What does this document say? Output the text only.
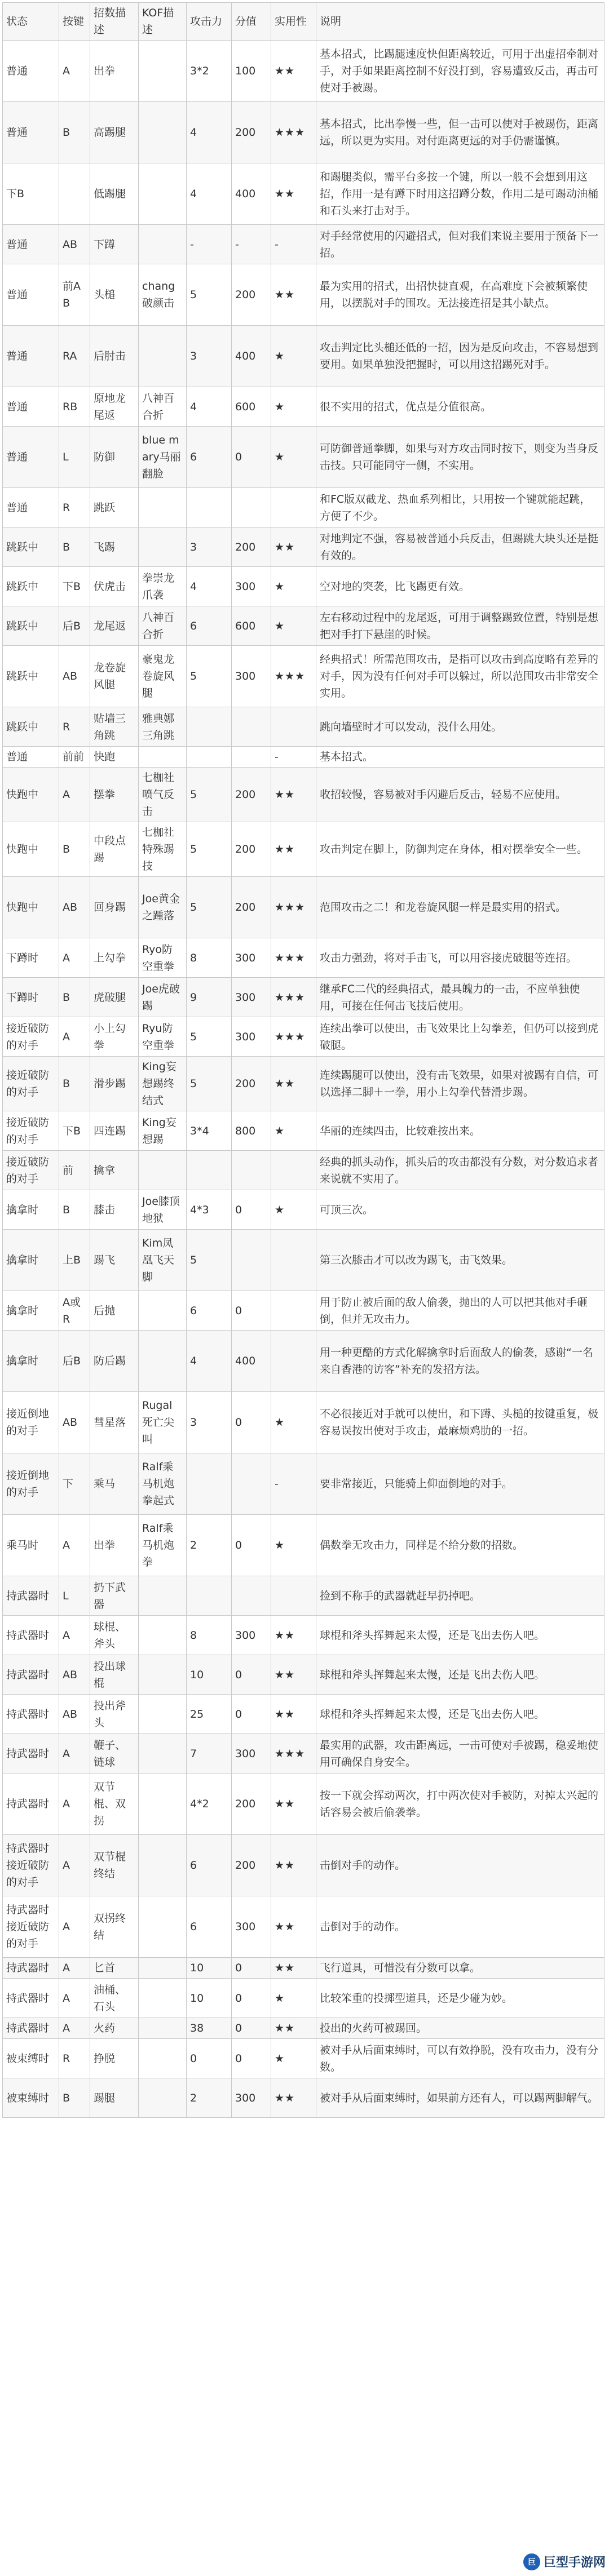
状态	按键	招数描述	KOF描述	攻击力	分值	实用性	说明
普通	A	出拳		3*2	100	★★	基本招式，比踢腿速度快但距离较近，可用于出虚招牵制对手，对手如果距离控制不好没打到，容易遭致反击，再击可使对手被踢。
普通	B	高踢腿		4	200	★★★	基本招式，比出拳慢一些，但一击可以使对手被踢伤，距离远，所以更为实用。对付距离更远的对手仍需谨慎。
下B		低踢腿		4	400	★★	和踢腿类似，需平台多按一个键，所以一般不会想到用这招，作用一是有蹲下时用这招蹲分数，作用二是可踢动油桶和石头来打击对手。
普通	AB	下蹲		-	-	-	对手经常使用的闪避招式，但对我们来说主要用于预备下一招。
普通	前AB	头槌	chang破颜击	5	200	★★	最为实用的招式，出招快捷直观，在高难度下会被频繁使用，以摆脱对手的围攻。无法接连招是其小缺点。
普通	RA	后肘击		3	400	★	攻击判定比头槌还低的一招，因为是反向攻击，不容易想到要用。如果单独没把握时，可以用这招踢死对手。
普通	RB	原地龙尾返	八神百合折	4	600	★	很不实用的招式，优点是分值很高。
普通	L	防御	blue mary马丽翻脸	6	0	★	可防御普通拳脚，如果与对方攻击同时按下，则变为当身反击技。只可能同守一侧，不实用。
普通	R	跳跃					和FC版双截龙、热血系列相比，只用按一个键就能起跳，方便了不少。
跳跃中	B	飞踢		3	200	★★	对地判定不强，容易被普通小兵反击，但踢跳大块头还是挺有效的。
跳跃中	下B	伏虎击	拳崇龙爪袭	4	300	★	空对地的突袭，比飞踢更有效。
跳跃中	后B	龙尾返	八神百合折	6	600	★	左右移动过程中的龙尾返，可用于调整踢致位置，特别是想把对手打下悬崖的时候。
跳跃中	AB	龙卷旋风腿	豪鬼龙卷旋风腿	5	300	★★★	经典招式！所需范围攻击，是指可以攻击到高度略有差异的对手，因为没有任何对手可以躲过，所以范围攻击非常安全实用。
跳跃中	R	贴墙三角跳	雅典娜三角跳				跳向墙壁时才可以发动，没什么用处。
普通	前前	快跑				-	基本招式。
快跑中	A	摆拳	七枷社喷气反击	5	200	★★	收招较慢，容易被对手闪避后反击，轻易不应使用。
快跑中	B	中段点踢	七枷社特殊踢技	5	200	★★	攻击判定在脚上，防御判定在身体，相对摆拳安全一些。
快跑中	AB	回身踢	Joe黄金之踵落	5	200	★★★	范围攻击之二！和龙卷旋风腿一样是最实用的招式。
下蹲时	A	上勾拳	Ryo防空重拳	8	300	★★★	攻击力强劲，将对手击飞，可以用容接虎破腿等连招。
下蹲时	B	虎破腿	Joe虎破踢	9	300	★★★	继承FC二代的经典招式，最具魄力的一击，不应单独使用，可接在任何击飞技后使用。
接近破防的对手	A	小上勾拳	Ryu防空重拳	5	300	★★★	连续出拳可以使出，击飞效果比上勾拳差，但仍可以接到虎破腿。
接近破防的对手	B	滑步踢	King妄想踢终结式	5	200	★★	连续踢腿可以使出，没有击飞效果，如果对被踢有自信，可以选择二脚＋一拳，用小上勾拳代替滑步踢。
接近破防的对手	下B	四连踢	King妄想踢	3*4	800	★	华丽的连续四击，比较难按出来。
接近破防的对手	前	擒拿					经典的抓头动作，抓头后的攻击都没有分数，对分数追求者来说就不实用了。
擒拿时	B	膝击	Joe膝顶地狱	4*3	0	★	可顶三次。
擒拿时	上B	踢飞	Kim凤凰飞天脚	5			第三次膝击才可以改为踢飞，击飞效果。
擒拿时	A或R	后抛		6	0		用于防止被后面的敌人偷袭，抛出的人可以把其他对手砸倒，但并无攻击力。
擒拿时	后B	防后踢		4	400		用一种更酷的方式化解擒拿时后面敌人的偷袭，感谢“一名来自香港的访客”补充的发招方法。
接近倒地的对手	AB	彗星落	Rugal死亡尖叫	3	0	★	不必很接近对手就可以使出，和下蹲、头槌的按键重复，极容易误按出使对手攻击，最麻烦鸡肋的一招。
接近倒地的对手	下	乘马	Ralf乘马机炮拳起式			-	要非常接近，只能骑上仰面倒地的对手。
乘马时	A	出拳	Ralf乘马机炮拳	2	0	★	偶数拳无攻击力，同样是不给分数的招数。
持武器时	L	扔下武器					捡到不称手的武器就赶早扔掉吧。
持武器时	A	球棍、斧头		8	300	★★	球棍和斧头挥舞起来太慢，还是飞出去伤人吧。
持武器时	AB	投出球棍		10	0	★★	球棍和斧头挥舞起来太慢，还是飞出去伤人吧。
持武器时	AB	投出斧头		25	0	★★	球棍和斧头挥舞起来太慢，还是飞出去伤人吧。
持武器时	A	鞭子、链球		7	300	★★★	最实用的武器，攻击距离远，一击可使对手被踢，稳妥地使用可确保自身安全。
持武器时	A	双节棍、双拐		4*2	200	★★	按一下就会挥动两次，打中两次使对手被防，对掉太兴起的话容易会被后偷袭拳。
持武器时接近破防的对手	A	双节棍终结		6	200	★★	击倒对手的动作。
持武器时接近破防的对手	A	双拐终结		6	300	★★	击倒对手的动作。
持武器时	A	匕首		10	0	★★	飞行道具，可惜没有分数可以拿。
持武器时	A	油桶、石头		10	0	★	比较笨重的投掷型道具，还是少碰为妙。
持武器时	A	火药		38	0	★★	投出的火药可被踢回。
被束缚时	R	挣脱		0	0	★	被对手从后面束缚时，可以有效挣脱，没有攻击力，没有分数。
被束缚时	B	踢腿		2	300	★★	被对手从后面束缚时，如果前方还有人，可以踢两脚解气。
巨 巨型手游网
